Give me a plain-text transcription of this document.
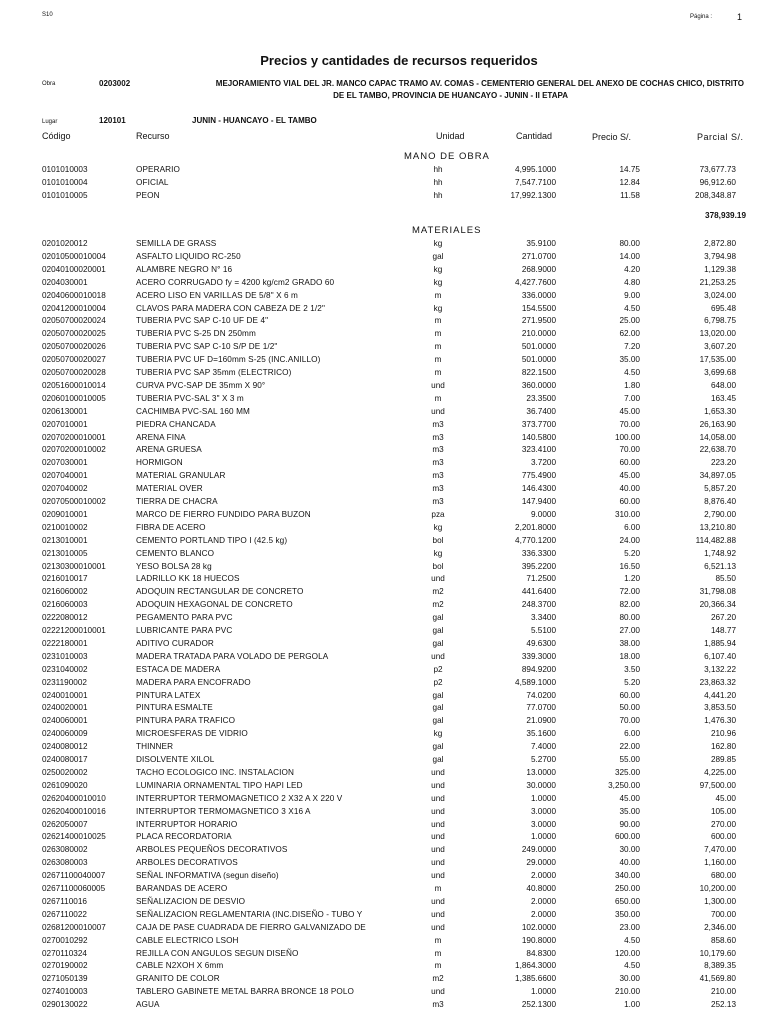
S10	Página :	1
Precios y cantidades de recursos requeridos
Obra	0203002	MEJORAMIENTO VIAL DEL JR. MANCO CAPAC TRAMO AV. COMAS - CEMENTERIO GENERAL DEL ANEXO DE COCHAS CHICO, DISTRITO
DE EL TAMBO, PROVINCIA DE HUANCAYO - JUNIN - II ETAPA
Lugar	120101	JUNIN - HUANCAYO - EL TAMBO
Código	Recurso	Unidad	Cantidad	Precio S/.	Parcial S/.
MANO DE OBRA
378,939.19
MATERIALES
0101010003	OPERARIO	hh	4,995.1000	14.75	73,677.73
0101010004	OFICIAL	hh	7,547.7100	12.84	96,912.60
0101010005	PEON	hh	17,992.1300	11.58	208,348.87
0201020012	SEMILLA DE GRASS	kg	35.9100	80.00	2,872.80
02010500010004	ASFALTO LIQUIDO RC-250	gal	271.0700	14.00	3,794.98
02040100020001	ALAMBRE NEGRO N° 16	kg	268.9000	4.20	1,129.38
0204030001	ACERO CORRUGADO fy = 4200 kg/cm2 GRADO 60	kg	4,427.7600	4.80	21,253.25
02040600010018	ACERO LISO EN VARILLAS DE 5/8" X 6 m	m	336.0000	9.00	3,024.00
02041200010004	CLAVOS PARA MADERA CON CABEZA DE 2 1/2"	kg	154.5500	4.50	695.48
02050700020024	TUBERIA PVC SAP C-10 UF DE 4"	m	271.9500	25.00	6,798.75
02050700020025	TUBERIA PVC S-25 DN 250mm	m	210.0000	62.00	13,020.00
02050700020026	TUBERIA PVC SAP C-10 S/P DE 1/2"	m	501.0000	7.20	3,607.20
02050700020027	TUBERIA PVC UF D=160mm S-25 (INC.ANILLO)	m	501.0000	35.00	17,535.00
02050700020028	TUBERIA PVC SAP 35mm (ELECTRICO)	m	822.1500	4.50	3,699.68
02051600010014	CURVA PVC-SAP DE 35mm X 90°	und	360.0000	1.80	648.00
02060100010005	TUBERIA PVC-SAL 3" X 3 m	m	23.3500	7.00	163.45
0206130001	CACHIMBA PVC-SAL 160 MM	und	36.7400	45.00	1,653.30
0207010001	PIEDRA CHANCADA	m3	373.7700	70.00	26,163.90
02070200010001	ARENA FINA	m3	140.5800	100.00	14,058.00
02070200010002	ARENA GRUESA	m3	323.4100	70.00	22,638.70
0207030001	HORMIGON	m3	3.7200	60.00	223.20
0207040001	MATERIAL GRANULAR	m3	775.4900	45.00	34,897.05
0207040002	MATERIAL OVER	m3	146.4300	40.00	5,857.20
02070500010002	TIERRA DE CHACRA	m3	147.9400	60.00	8,876.40
0209010001	MARCO DE FIERRO FUNDIDO PARA BUZON	pza	9.0000	310.00	2,790.00
0210010002	FIBRA DE ACERO	kg	2,201.8000	6.00	13,210.80
0213010001	CEMENTO PORTLAND TIPO I (42.5 kg)	bol	4,770.1200	24.00	114,482.88
0213010005	CEMENTO BLANCO	kg	336.3300	5.20	1,748.92
02130300010001	YESO BOLSA 28 kg	bol	395.2200	16.50	6,521.13
0216010017	LADRILLO KK 18 HUECOS	und	71.2500	1.20	85.50
0216060002	ADOQUIN RECTANGULAR DE CONCRETO	m2	441.6400	72.00	31,798.08
0216060003	ADOQUIN HEXAGONAL DE CONCRETO	m2	248.3700	82.00	20,366.34
0222080012	PEGAMENTO PARA PVC	gal	3.3400	80.00	267.20
02221200010001	LUBRICANTE PARA PVC	gal	5.5100	27.00	148.77
0222180001	ADITIVO CURADOR	gal	49.6300	38.00	1,885.94
0231010003	MADERA TRATADA PARA VOLADO DE PERGOLA	und	339.3000	18.00	6,107.40
0231040002	ESTACA DE MADERA	p2	894.9200	3.50	3,132.22
0231190002	MADERA PARA ENCOFRADO	p2	4,589.1000	5.20	23,863.32
0240010001	PINTURA LATEX	gal	74.0200	60.00	4,441.20
0240020001	PINTURA ESMALTE	gal	77.0700	50.00	3,853.50
0240060001	PINTURA PARA TRAFICO	gal	21.0900	70.00	1,476.30
0240060009	MICROESFERAS DE VIDRIO	kg	35.1600	6.00	210.96
0240080012	THINNER	gal	7.4000	22.00	162.80
0240080017	DISOLVENTE XILOL	gal	5.2700	55.00	289.85
0250020002	TACHO ECOLOGICO INC. INSTALACION	und	13.0000	325.00	4,225.00
0261090020	LUMINARIA ORNAMENTAL TIPO HAPI LED	und	30.0000	3,250.00	97,500.00
02620400010010	INTERRUPTOR TERMOMAGNETICO 2 X32 A X 220 V	und	1.0000	45.00	45.00
02620400010016	INTERRUPTOR TERMOMAGNETICO 3 X16 A	und	3.0000	35.00	105.00
0262050007	INTERRUPTOR HORARIO	und	3.0000	90.00	270.00
02621400010025	PLACA RECORDATORIA	und	1.0000	600.00	600.00
0263080002	ARBOLES PEQUEÑOS DECORATIVOS	und	249.0000	30.00	7,470.00
0263080003	ARBOLES DECORATIVOS	und	29.0000	40.00	1,160.00
02671100040007	SEÑAL INFORMATIVA (segun diseño)	und	2.0000	340.00	680.00
02671100060005	BARANDAS DE ACERO	m	40.8000	250.00	10,200.00
0267110016	SEÑALIZACION DE DESVIO	und	2.0000	650.00	1,300.00
0267110022	SEÑALIZACION REGLAMENTARIA (INC.DISEÑO - TUBO Y	und	2.0000	350.00	700.00
02681200010007	CAJA DE PASE CUADRADA DE FIERRO GALVANIZADO DE	und	102.0000	23.00	2,346.00
0270010292	CABLE ELECTRICO LSOH	m	190.8000	4.50	858.60
0270110324	REJILLA CON ANGULOS SEGUN DISEÑO	m	84.8300	120.00	10,179.60
0270190002	CABLE N2XOH X 6mm	m	1,864.3000	4.50	8,389.35
0271050139	GRANITO DE COLOR	m2	1,385.6600	30.00	41,569.80
0274010003	TABLERO GABINETE METAL BARRA BRONCE 18 POLO	und	1.0000	210.00	210.00
0290130022	AGUA	m3	252.1300	1.00	252.13
